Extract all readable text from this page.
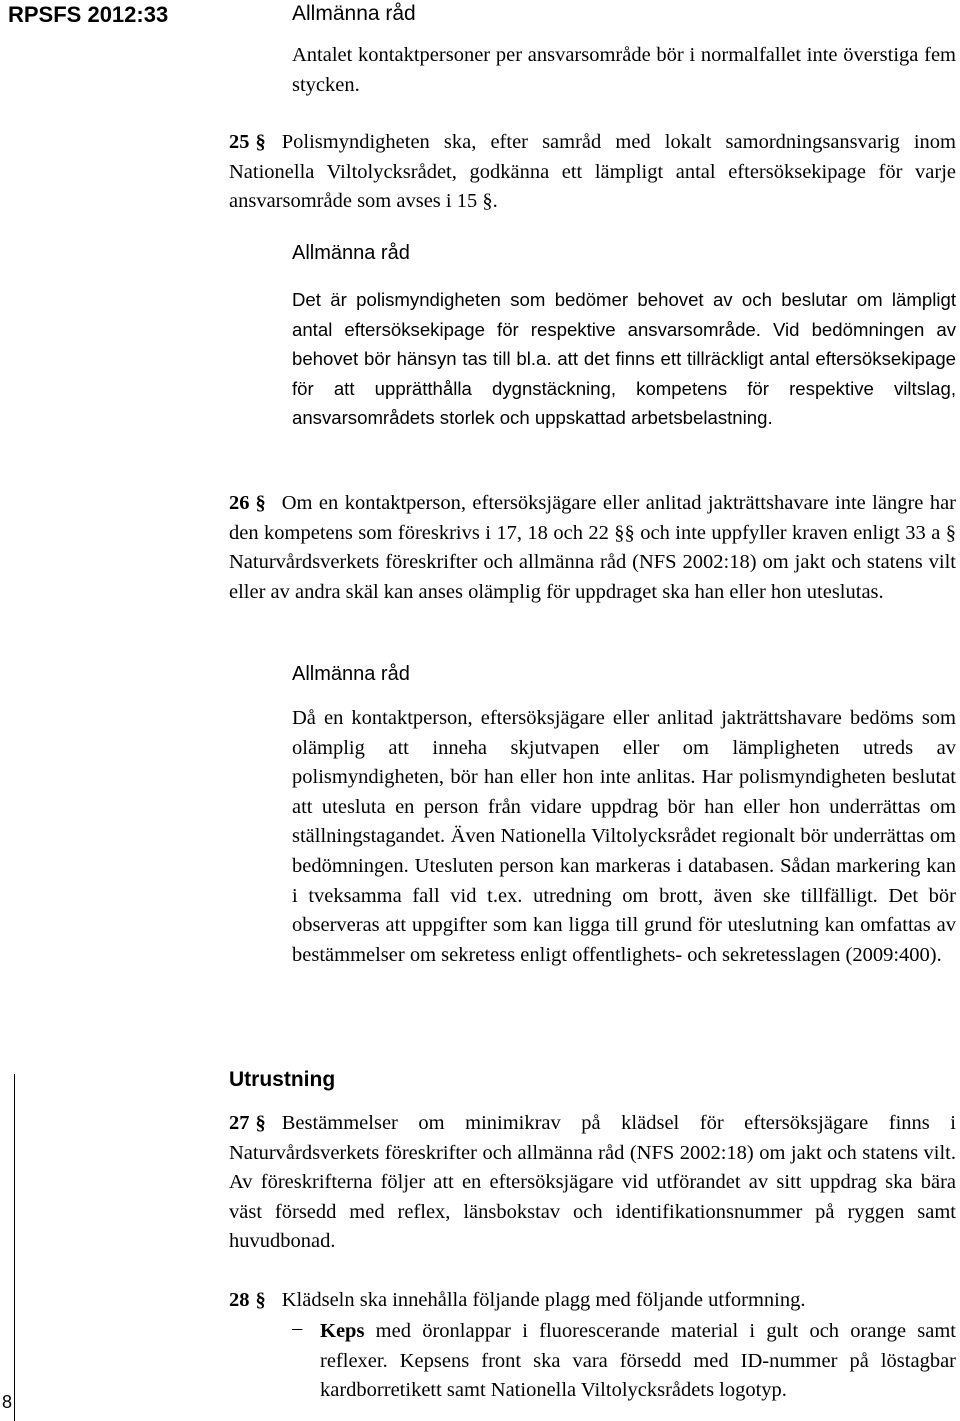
RPSFS 2012:33	Allmänna råd
Antalet kontaktpersoner per ansvarsområde bör i normalfallet inte överstiga fem stycken.
25 § Polismyndigheten ska, efter samråd med lokalt samordningsansvarig inom Nationella Viltolycksrådet, godkänna ett lämpligt antal eftersöksekipage för varje ansvarsområde som avses i 15 §.
Allmänna råd
Det är polismyndigheten som bedömer behovet av och beslutar om lämpligt antal eftersöksekipage för respektive ansvarsområde. Vid bedömningen av behovet bör hänsyn tas till bl.a. att det finns ett tillräckligt antal eftersöksekipage för att upprätthålla dygnstäckning, kompetens för respektive viltslag, ansvarsområdets storlek och uppskattad arbetsbelastning.
26 § Om en kontaktperson, eftersöksjägare eller anlitad jakträttshavare inte längre har den kompetens som föreskrivs i 17, 18 och 22 §§ och inte uppfyller kraven enligt 33 a § Naturvårdsverkets föreskrifter och allmänna råd (NFS 2002:18) om jakt och statens vilt eller av andra skäl kan anses olämplig för uppdraget ska han eller hon uteslutas.
Allmänna råd
Då en kontaktperson, eftersöksjägare eller anlitad jakträttshavare bedöms som olämplig att inneha skjutvapen eller om lämpligheten utreds av polismyndigheten, bör han eller hon inte anlitas. Har polismyndigheten beslutat att utesluta en person från vidare uppdrag bör han eller hon underrättas om ställningstagandet. Även Nationella Viltolycksrådet regionalt bör underrättas om bedömningen. Utesluten person kan markeras i databasen. Sådan markering kan i tveksamma fall vid t.ex. utredning om brott, även ske tillfälligt. Det bör observeras att uppgifter som kan ligga till grund för uteslutning kan omfattas av bestämmelser om sekretess enligt offentlighets- och sekretesslagen (2009:400).
Utrustning
27 § Bestämmelser om minimikrav på klädsel för eftersöksjägare finns i Naturvårdsverkets föreskrifter och allmänna råd (NFS 2002:18) om jakt och statens vilt. Av föreskrifterna följer att en eftersöksjägare vid utförandet av sitt uppdrag ska bära väst försedd med reflex, länsbokstav och identifikationsnummer på ryggen samt huvudbonad.
28 § Klädseln ska innehålla följande plagg med följande utformning.
– Keps med öronlappar i fluorescerande material i gult och orange samt reflexer. Kepsens front ska vara försedd med ID-nummer på löstagbar kardborretikett samt Nationella Viltolycksrådets logotyp.
8
